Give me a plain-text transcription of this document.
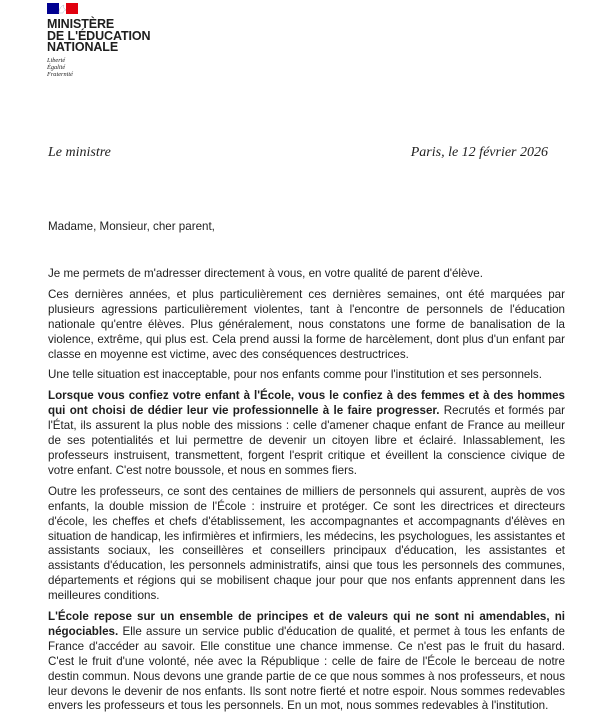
MINISTÈRE
DE L'ÉDUCATION
NATIONALE
Liberté
Égalité
Fraternité
Le ministre	Paris, le 12 février 2026
Madame, Monsieur, cher parent,

Je me permets de m'adresser directement à vous, en votre qualité de parent d'élève.

Ces dernières années, et plus particulièrement ces dernières semaines, ont été marquées par plusieurs agressions particulièrement violentes, tant à l'encontre de personnels de l'éducation nationale qu'entre élèves. Plus généralement, nous constatons une forme de banalisation de la violence, extrême, qui plus est. Cela prend aussi la forme de harcèlement, dont plus d'un enfant par classe en moyenne est victime, avec des conséquences destructrices.

Une telle situation est inacceptable, pour nos enfants comme pour l'institution et ses personnels.

Lorsque vous confiez votre enfant à l'École, vous le confiez à des femmes et à des hommes qui ont choisi de dédier leur vie professionnelle à le faire progresser. Recrutés et formés par l'État, ils assurent la plus noble des missions : celle d'amener chaque enfant de France au meilleur de ses potentialités et lui permettre de devenir un citoyen libre et éclairé. Inlassablement, les professeurs instruisent, transmettent, forgent l'esprit critique et éveillent la conscience civique de votre enfant. C'est notre boussole, et nous en sommes fiers.

Outre les professeurs, ce sont des centaines de milliers de personnels qui assurent, auprès de vos enfants, la double mission de l'École : instruire et protéger. Ce sont les directrices et directeurs d'école, les cheffes et chefs d'établissement, les accompagnantes et accompagnants d'élèves en situation de handicap, les infirmières et infirmiers, les médecins, les psychologues, les assistantes et assistants sociaux, les conseillères et conseillers principaux d'éducation, les assistantes et assistants d'éducation, les personnels administratifs, ainsi que tous les personnels des communes, départements et régions qui se mobilisent chaque jour pour que nos enfants apprennent dans les meilleures conditions.

L'École repose sur un ensemble de principes et de valeurs qui ne sont ni amendables, ni négociables. Elle assure un service public d'éducation de qualité, et permet à tous les enfants de France d'accéder au savoir. Elle constitue une chance immense. Ce n'est pas le fruit du hasard. C'est le fruit d'une volonté, née avec la République : celle de faire de l'École le berceau de notre destin commun. Nous devons une grande partie de ce que nous sommes à nos professeurs, et nous leur devons le devenir de nos enfants. Ils sont notre fierté et notre espoir. Nous sommes redevables envers les professeurs et tous les personnels. En un mot, nous sommes redevables à l'institution.
